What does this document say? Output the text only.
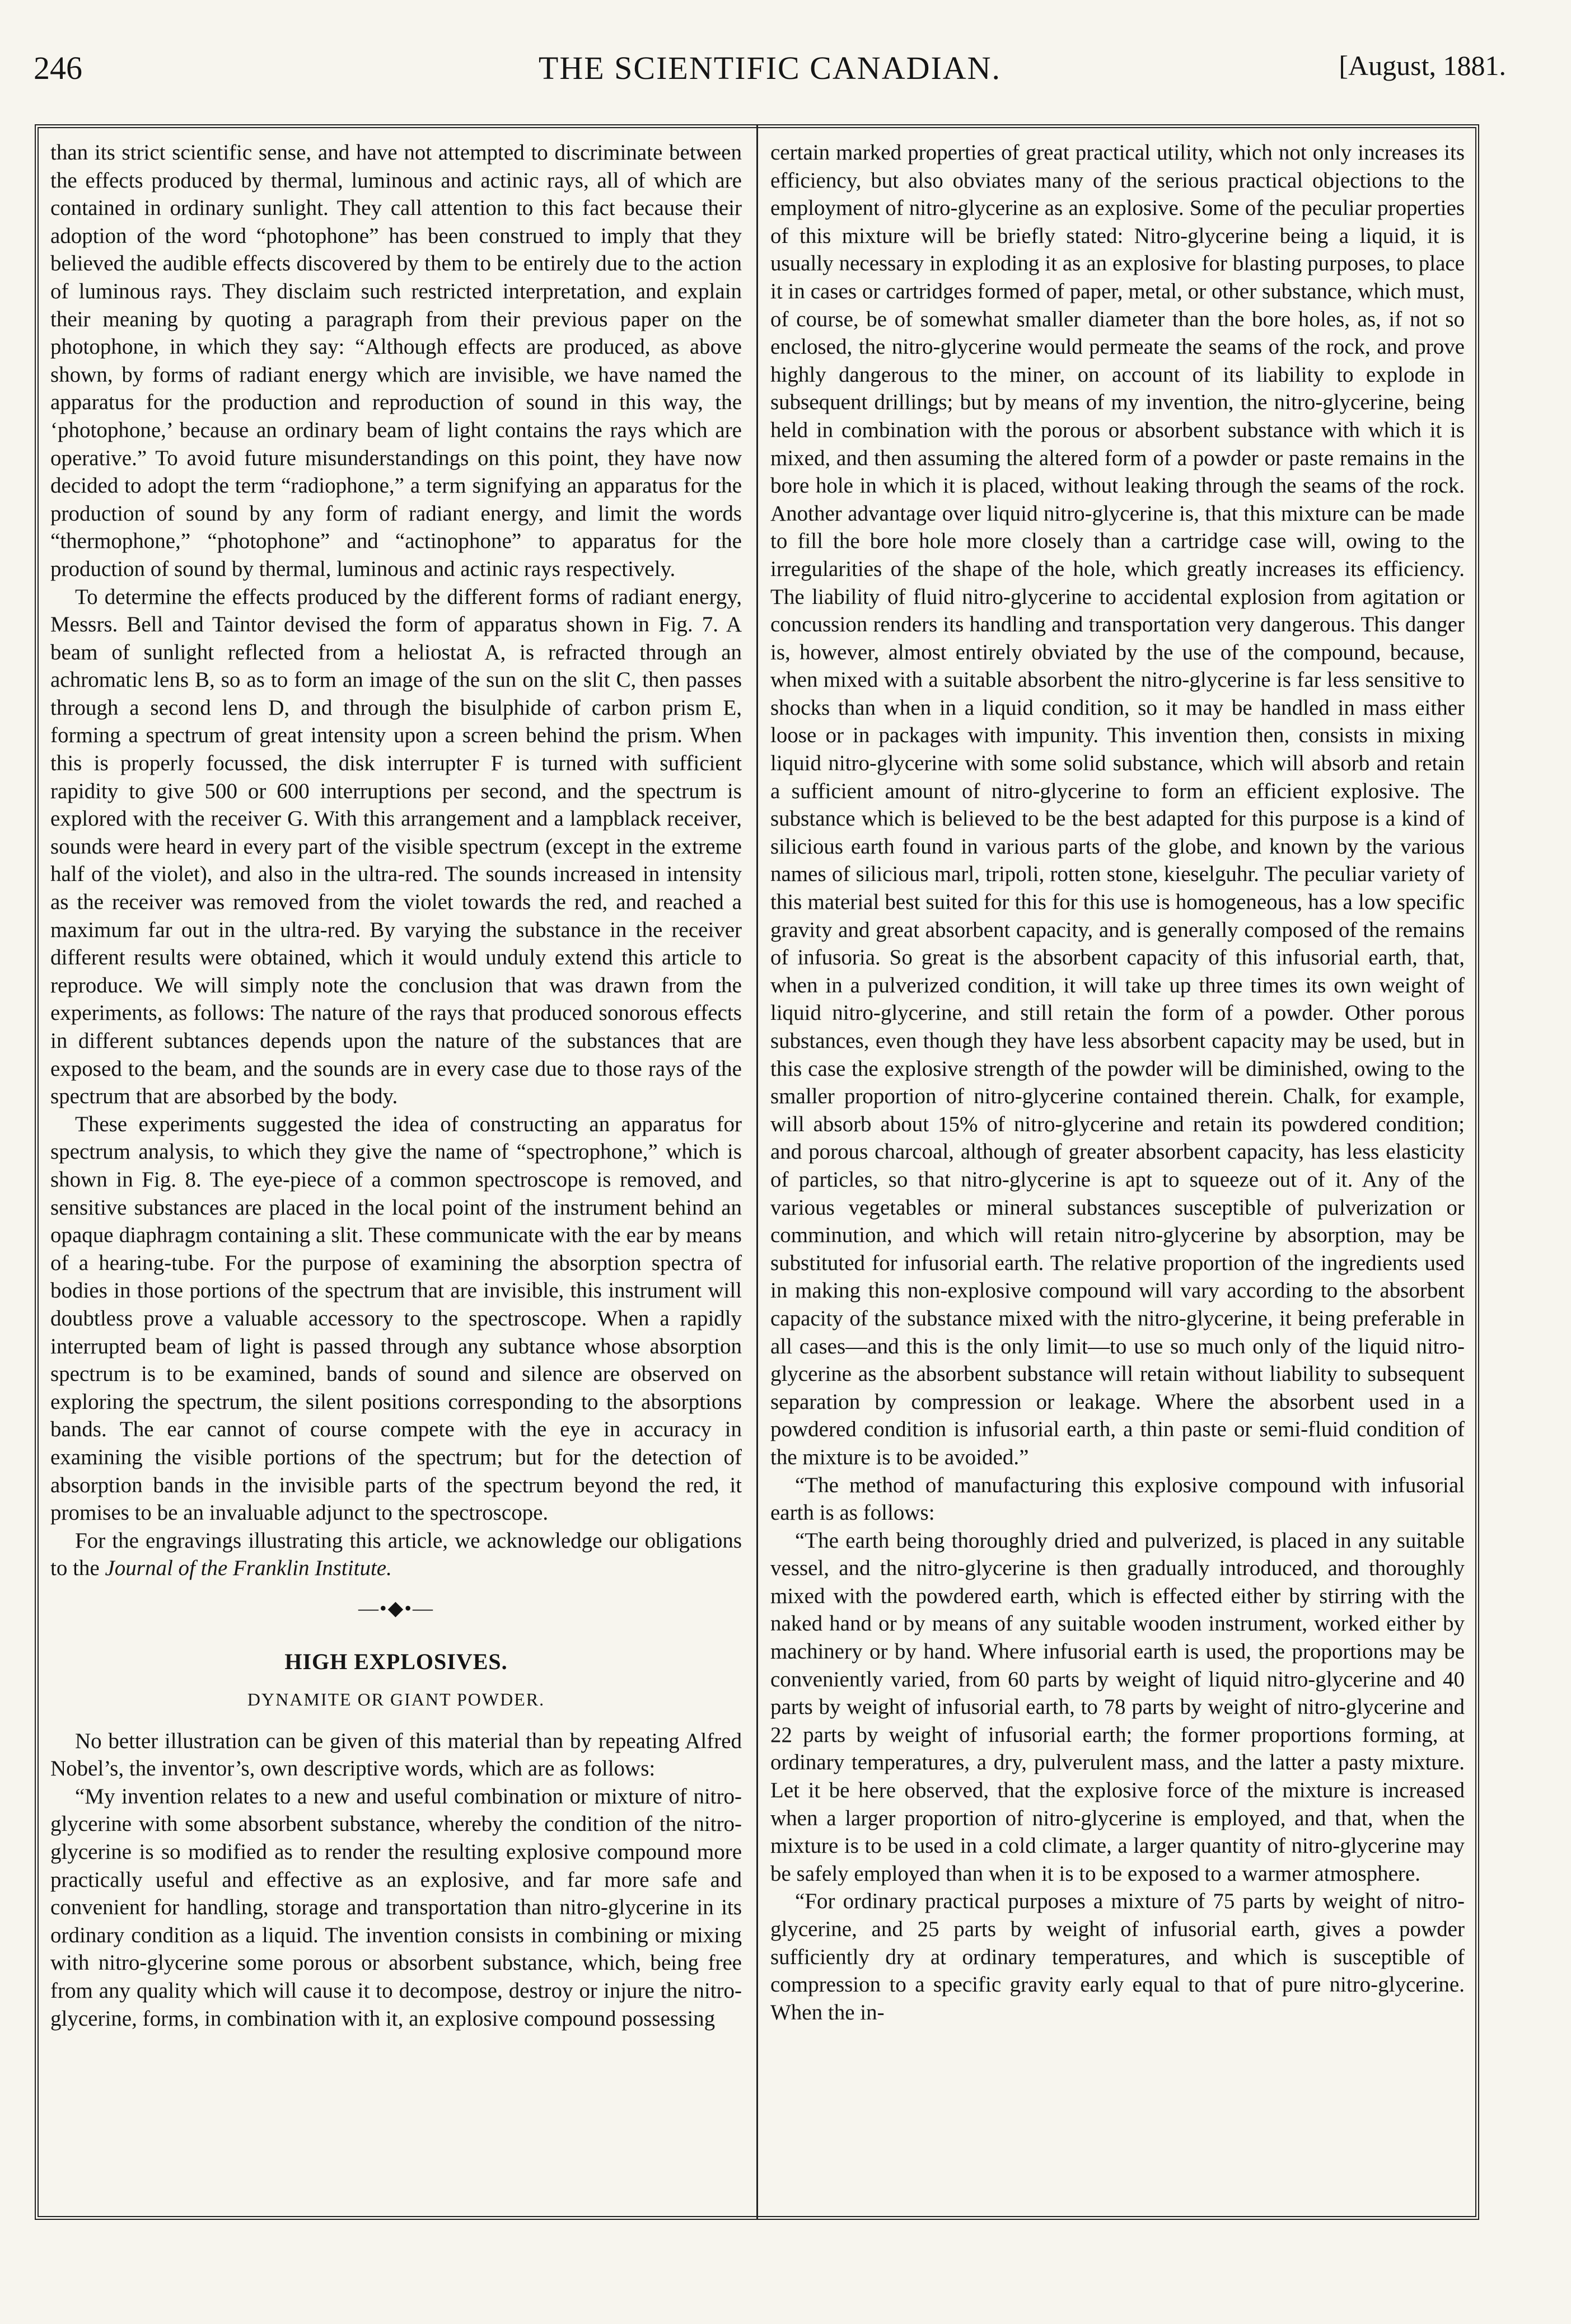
246	THE SCIENTIFIC CANADIAN.	[August, 1881.

than its strict scientific sense, and have not attempted to discriminate between the effects produced by thermal, luminous and actinic rays, all of which are contained in ordinary sunlight. They call attention to this fact because their adoption of the word “photophone” has been construed to imply that they believed the audible effects discovered by them to be entirely due to the action of luminous rays. They disclaim such restricted interpretation, and explain their meaning by quoting a paragraph from their previous paper on the photophone, in which they say: “Although effects are produced, as above shown, by forms of radiant energy which are invisible, we have named the apparatus for the production and reproduction of sound in this way, the ‘photophone,’ because an ordinary beam of light contains the rays which are operative.” To avoid future misunderstandings on this point, they have now decided to adopt the term “radiophone,” a term signifying an apparatus for the production of sound by any form of radiant energy, and limit the words “thermophone,” “photophone” and “actinophone” to apparatus for the production of sound by thermal, luminous and actinic rays respectively.

To determine the effects produced by the different forms of radiant energy, Messrs. Bell and Taintor devised the form of apparatus shown in Fig. 7. A beam of sunlight reflected from a heliostat A, is refracted through an achromatic lens B, so as to form an image of the sun on the slit C, then passes through a second lens D, and through the bisulphide of carbon prism E, forming a spectrum of great intensity upon a screen behind the prism. When this is properly focussed, the disk interrupter F is turned with sufficient rapidity to give 500 or 600 interruptions per second, and the spectrum is explored with the receiver G. With this arrangement and a lampblack receiver, sounds were heard in every part of the visible spectrum (except in the extreme half of the violet), and also in the ultra-red. The sounds increased in intensity as the receiver was removed from the violet towards the red, and reached a maximum far out in the ultra-red. By varying the substance in the receiver different results were obtained, which it would unduly extend this article to reproduce. We will simply note the conclusion that was drawn from the experiments, as follows: The nature of the rays that produced sonorous effects in different subtances depends upon the nature of the substances that are exposed to the beam, and the sounds are in every case due to those rays of the spectrum that are absorbed by the body.

These experiments suggested the idea of constructing an apparatus for spectrum analysis, to which they give the name of “spectrophone,” which is shown in Fig. 8. The eye-piece of a common spectroscope is removed, and sensitive substances are placed in the local point of the instrument behind an opaque diaphragm containing a slit. These communicate with the ear by means of a hearing-tube. For the purpose of examining the absorption spectra of bodies in those portions of the spectrum that are invisible, this instrument will doubtless prove a valuable accessory to the spectroscope. When a rapidly interrupted beam of light is passed through any subtance whose absorption spectrum is to be examined, bands of sound and silence are observed on exploring the spectrum, the silent positions corresponding to the absorptions bands. The ear cannot of course compete with the eye in accuracy in examining the visible portions of the spectrum; but for the detection of absorption bands in the invisible parts of the spectrum beyond the red, it promises to be an invaluable adjunct to the spectroscope.

For the engravings illustrating this article, we acknowledge our obligations to the Journal of the Franklin Institute.

—•◆•—
HIGH EXPLOSIVES.
DYNAMITE OR GIANT POWDER.

No better illustration can be given of this material than by repeating Alfred Nobel’s, the inventor’s, own descriptive words, which are as follows:

“My invention relates to a new and useful combination or mixture of nitro-glycerine with some absorbent substance, whereby the condition of the nitro-glycerine is so modified as to render the resulting explosive compound more practically useful and effective as an explosive, and far more safe and convenient for handling, storage and transportation than nitro-glycerine in its ordinary condition as a liquid. The invention consists in combining or mixing with nitro-glycerine some porous or absorbent substance, which, being free from any quality which will cause it to decompose, destroy or injure the nitro-glycerine, forms, in combination with it, an explosive compound possessing

certain marked properties of great practical utility, which not only increases its efficiency, but also obviates many of the serious practical objections to the employment of nitro-glycerine as an explosive. Some of the peculiar properties of this mixture will be briefly stated: Nitro-glycerine being a liquid, it is usually necessary in exploding it as an explosive for blasting purposes, to place it in cases or cartridges formed of paper, metal, or other substance, which must, of course, be of somewhat smaller diameter than the bore holes, as, if not so enclosed, the nitro-glycerine would permeate the seams of the rock, and prove highly dangerous to the miner, on account of its liability to explode in subsequent drillings; but by means of my invention, the nitro-glycerine, being held in combination with the porous or absorbent substance with which it is mixed, and then assuming the altered form of a powder or paste remains in the bore hole in which it is placed, without leaking through the seams of the rock. Another advantage over liquid nitro-glycerine is, that this mixture can be made to fill the bore hole more closely than a cartridge case will, owing to the irregularities of the shape of the hole, which greatly increases its efficiency. The liability of fluid nitro-glycerine to accidental explosion from agitation or concussion renders its handling and transportation very dangerous. This danger is, however, almost entirely obviated by the use of the compound, because, when mixed with a suitable absorbent the nitro-glycerine is far less sensitive to shocks than when in a liquid condition, so it may be handled in mass either loose or in packages with impunity. This invention then, consists in mixing liquid nitro-glycerine with some solid substance, which will absorb and retain a sufficient amount of nitro-glycerine to form an efficient explosive. The substance which is believed to be the best adapted for this purpose is a kind of silicious earth found in various parts of the globe, and known by the various names of silicious marl, tripoli, rotten stone, kieselguhr. The peculiar variety of this material best suited for this for this use is homogeneous, has a low specific gravity and great absorbent capacity, and is generally composed of the remains of infusoria. So great is the absorbent capacity of this infusorial earth, that, when in a pulverized condition, it will take up three times its own weight of liquid nitro-glycerine, and still retain the form of a powder. Other porous substances, even though they have less absorbent capacity may be used, but in this case the explosive strength of the powder will be diminished, owing to the smaller proportion of nitro-glycerine contained therein. Chalk, for example, will absorb about 15% of nitro-glycerine and retain its powdered condition; and porous charcoal, although of greater absorbent capacity, has less elasticity of particles, so that nitro-glycerine is apt to squeeze out of it. Any of the various vegetables or mineral substances susceptible of pulverization or comminution, and which will retain nitro-glycerine by absorption, may be substituted for infusorial earth. The relative proportion of the ingredients used in making this non-explosive compound will vary according to the absorbent capacity of the substance mixed with the nitro-glycerine, it being preferable in all cases—and this is the only limit—to use so much only of the liquid nitro-glycerine as the absorbent substance will retain without liability to subsequent separation by compression or leakage. Where the absorbent used in a powdered condition is infusorial earth, a thin paste or semi-fluid condition of the mixture is to be avoided.”

“The method of manufacturing this explosive compound with infusorial earth is as follows:

“The earth being thoroughly dried and pulverized, is placed in any suitable vessel, and the nitro-glycerine is then gradually introduced, and thoroughly mixed with the powdered earth, which is effected either by stirring with the naked hand or by means of any suitable wooden instrument, worked either by machinery or by hand. Where infusorial earth is used, the proportions may be conveniently varied, from 60 parts by weight of liquid nitro-glycerine and 40 parts by weight of infusorial earth, to 78 parts by weight of nitro-glycerine and 22 parts by weight of infusorial earth; the former proportions forming, at ordinary temperatures, a dry, pulverulent mass, and the latter a pasty mixture. Let it be here observed, that the explosive force of the mixture is increased when a larger proportion of nitro-glycerine is employed, and that, when the mixture is to be used in a cold climate, a larger quantity of nitro-glycerine may be safely employed than when it is to be exposed to a warmer atmosphere.

“For ordinary practical purposes a mixture of 75 parts by weight of nitro-glycerine, and 25 parts by weight of infusorial earth, gives a powder sufficiently dry at ordinary temperatures, and which is susceptible of compression to a specific gravity early equal to that of pure nitro-glycerine. When the in-
